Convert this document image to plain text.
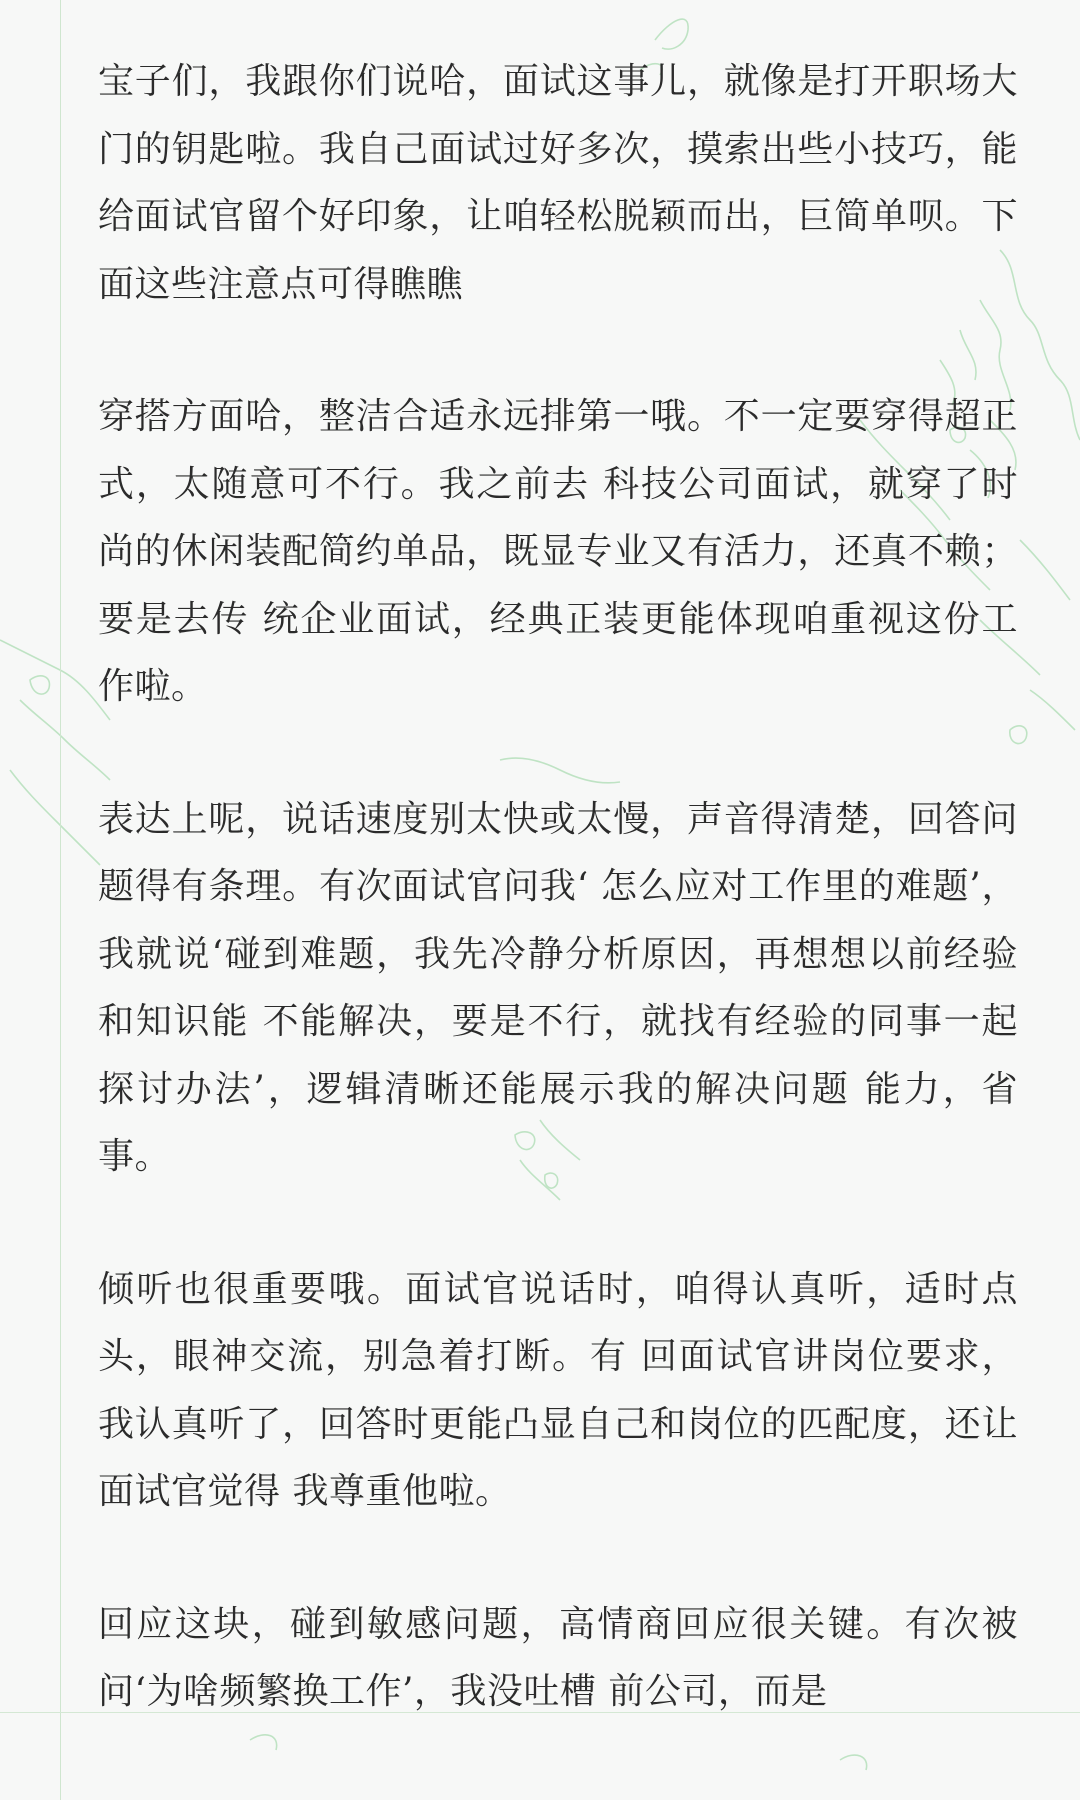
宝子们，我跟你们说哈，面试这事儿，就像是打开职场大门的钥匙啦。我自己面试过好多次，摸索出些小技巧，能给面试官留个好印象，让咱轻松脱颖而出，巨简单呗。下面这些注意点可得瞧瞧

穿搭方面哈，整洁合适永远排第一哦。不一定要穿得超正式，太随意可不行。我之前去 科技公司面试，就穿了时尚的休闲装配简约单品，既显专业又有活力，还真不赖；要是去传 统企业面试，经典正装更能体现咱重视这份工作啦。

表达上呢，说话速度别太快或太慢，声音得清楚，回答问题得有条理。有次面试官问我‘ 怎么应对工作里的难题’，我就说‘碰到难题，我先冷静分析原因，再想想以前经验和知识能 不能解决，要是不行，就找有经验的同事一起探讨办法’，逻辑清晰还能展示我的解决问题 能力，省事。

倾听也很重要哦。面试官说话时，咱得认真听，适时点头，眼神交流，别急着打断。有 回面试官讲岗位要求，我认真听了，回答时更能凸显自己和岗位的匹配度，还让面试官觉得 我尊重他啦。

回应这块，碰到敏感问题，高情商回应很关键。有次被问‘为啥频繁换工作’，我没吐槽 前公司，而是
